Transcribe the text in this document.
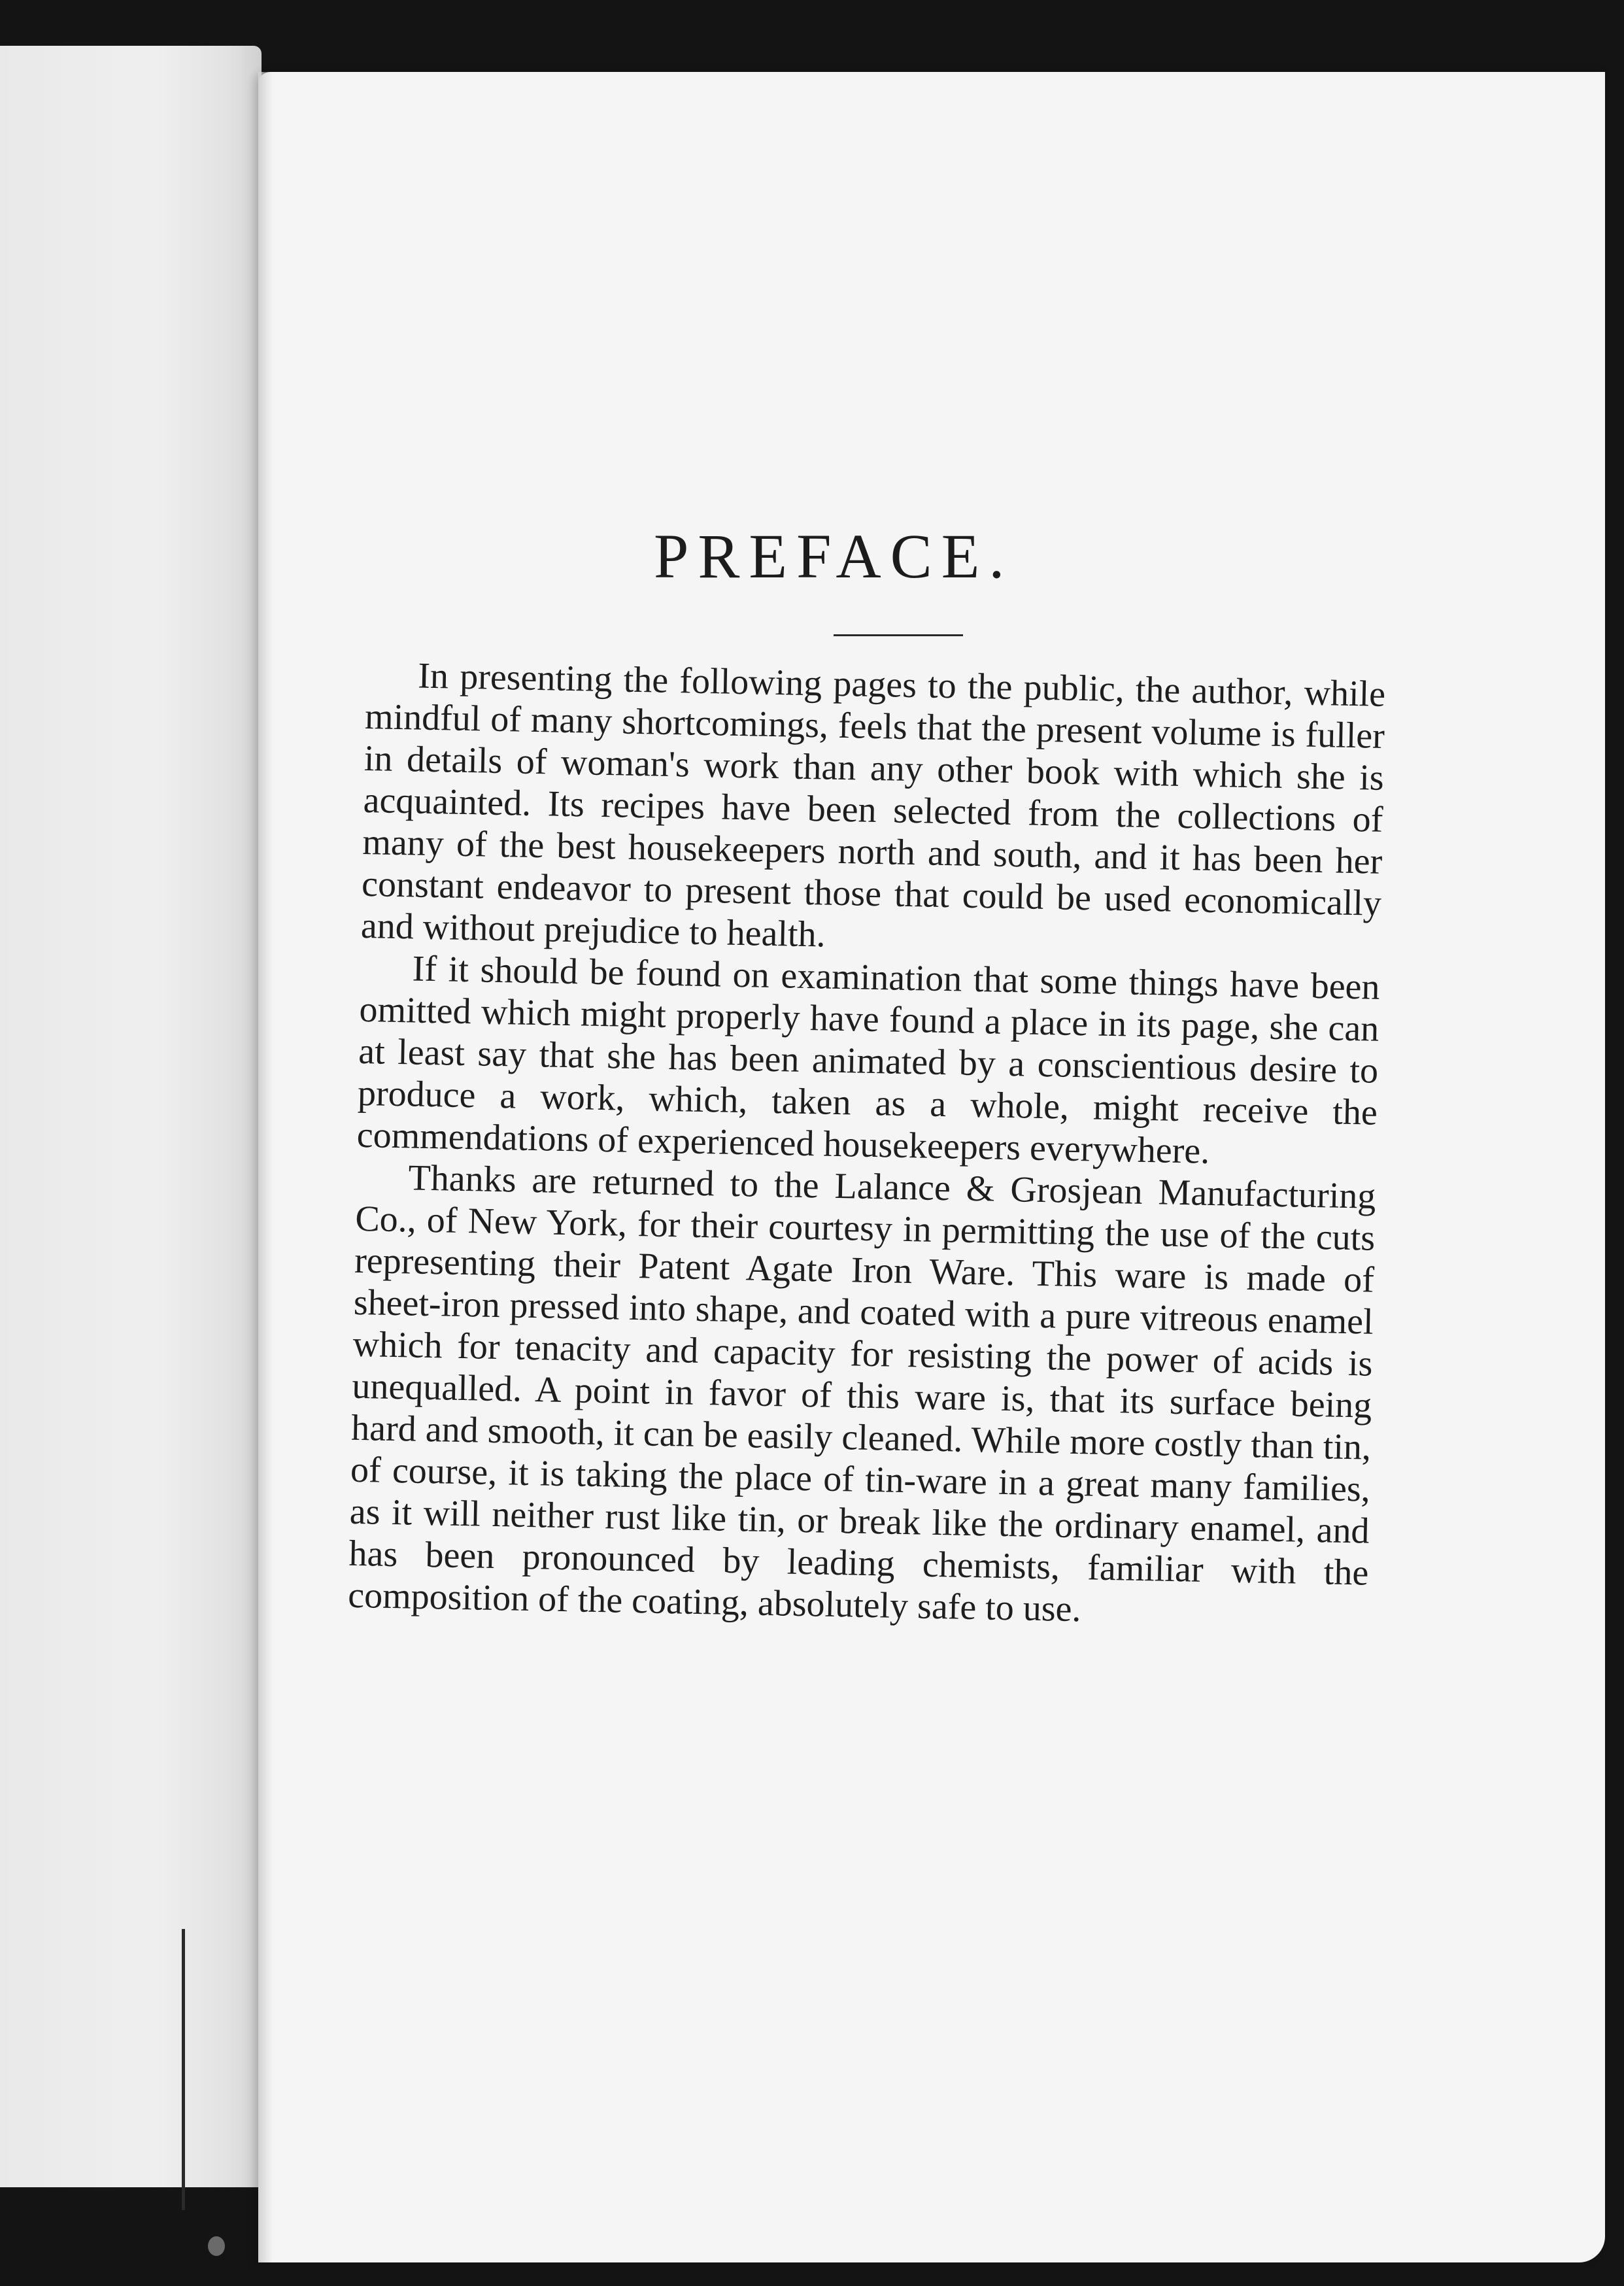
PREFACE.

In presenting the following pages to the public, the author, while mindful of many shortcomings, feels that the present volume is fuller in details of woman's work than any other book with which she is acquainted. Its recipes have been selected from the collections of many of the best housekeepers north and south, and it has been her constant endeavor to present those that could be used economically and without prejudice to health.

If it should be found on examination that some things have been omitted which might properly have found a place in its page, she can at least say that she has been animated by a conscientious desire to produce a work, which, taken as a whole, might receive the commendations of experienced housekeepers everywhere.

Thanks are returned to the Lalance & Grosjean Manufacturing Co., of New York, for their courtesy in permitting the use of the cuts representing their Patent Agate Iron Ware. This ware is made of sheet-iron pressed into shape, and coated with a pure vitreous enamel which for tenacity and capacity for resisting the power of acids is unequalled. A point in favor of this ware is, that its surface being hard and smooth, it can be easily cleaned. While more costly than tin, of course, it is taking the place of tin-ware in a great many families, as it will neither rust like tin, or break like the ordinary enamel, and has been pronounced by leading chemists, familiar with the composition of the coating, absolutely safe to use.
